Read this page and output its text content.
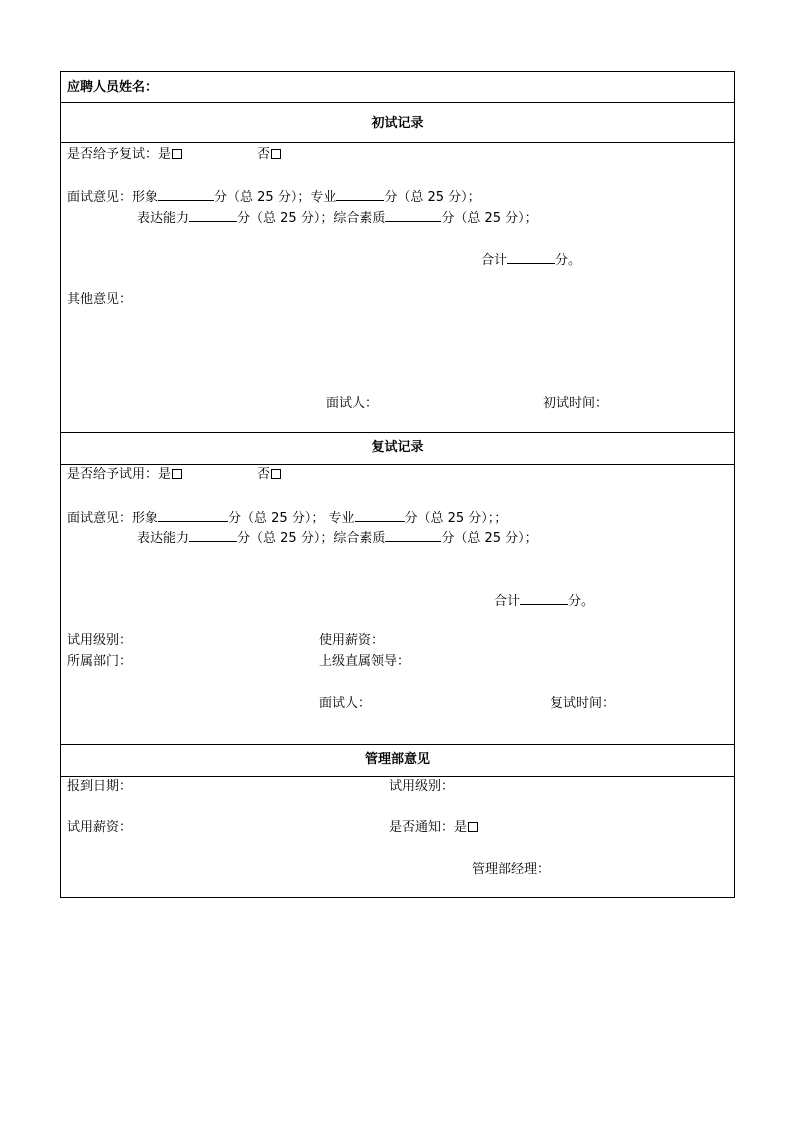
应聘人员姓名：
初试记录
是否给予复试：是	否
面试意见：形象	分（总 25 分）；专业	分（总 25 分）；
表达能力	分（总 25 分）；综合素质	分（总 25 分）；
合计	分。
其他意见：
面试人：	初试时间：
复试记录
是否给予试用：是	否
面试意见：形象	分（总 25 分）； 专业	分（总 25 分）；；
表达能力	分（总 25 分）；综合素质	分（总 25 分）；
合计	分。
试用级别：	使用薪资：
所属部门：	上级直属领导：
面试人：	复试时间：
管理部意见
报到日期：	试用级别：
试用薪资：	是否通知：是
管理部经理：
